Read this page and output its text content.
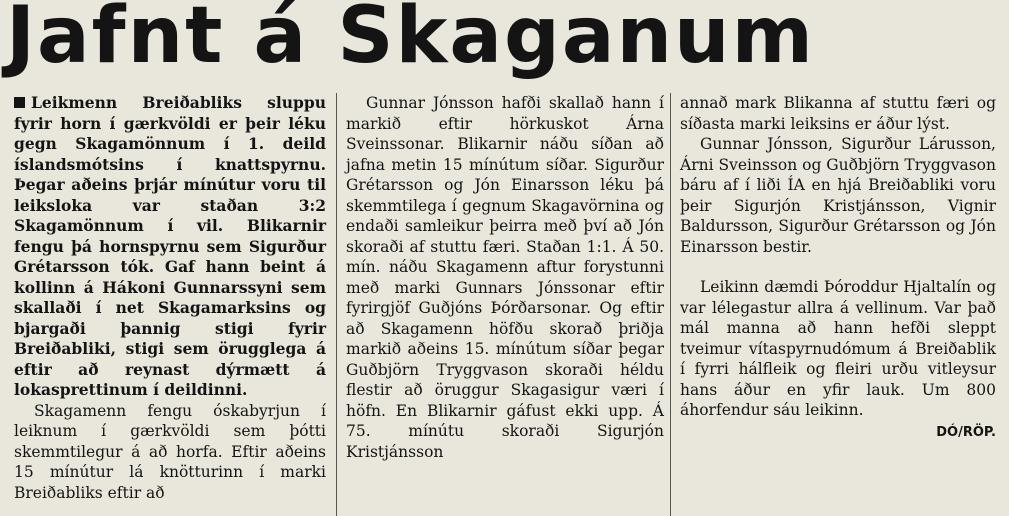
Jafnt á Skaganum

Leikmenn Breiðabliks sluppu fyrir horn í gærkvöldi er þeir léku gegn Skagamönnum í 1. deild íslandsmótsins í knattspyrnu. Þegar aðeins þrjár mínútur voru til leiksloka var staðan 3:2 Skagamönnum í vil. Blikarnir fengu þá hornspyrnu sem Sigurður Grétarsson tók. Gaf hann beint á kollinn á Hákoni Gunnarssyni sem skallaði í net Skagamarksins og bjargaði þannig stigi fyrir Breiðabliki, stigi sem örugglega á eftir að reynast dýrmætt á lokasprettinum í deildinni.

Skagamenn fengu óskabyrjun í leiknum í gærkvöldi sem þótti skemmtilegur á að horfa. Eftir aðeins 15 mínútur lá knötturinn í marki Breiðabliks eftir að

Gunnar Jónsson hafði skallað hann í markið eftir hörkuskot Árna Sveinssonar. Blikarnir náðu síðan að jafna metin 15 mínútum síðar. Sigurður Grétarsson og Jón Einarsson léku þá skemmtilega í gegnum Skagavörnina og endaði samleikur þeirra með því að Jón skoraði af stuttu færi. Staðan 1:1. Á 50. mín. náðu Skagamenn aftur forystunni með marki Gunnars Jónssonar eftir fyrirgjöf Guðjóns Þórðarsonar. Og eftir að Skagamenn höfðu skorað þriðja markið aðeins 15. mínútum síðar þegar Guðbjörn Tryggvason skoraði héldu flestir að öruggur Skagasigur væri í höfn. En Blikarnir gáfust ekki upp. Á 75. mínútu skoraði Sigurjón Kristjánsson

annað mark Blikanna af stuttu færi og síðasta marki leiksins er áður lýst.

Gunnar Jónsson, Sigurður Lárusson, Árni Sveinsson og Guðbjörn Tryggvason báru af í liði ÍA en hjá Breiðabliki voru þeir Sigurjón Kristjánsson, Vignir Baldursson, Sigurður Grétarsson og Jón Einarsson bestir.

Leikinn dæmdi Þóroddur Hjaltalín og var lélegastur allra á vellinum. Var það mál manna að hann hefði sleppt tveimur vítaspyrnudómum á Breiðablik í fyrri hálfleik og fleiri urðu vitleysur hans áður en yfir lauk. Um 800 áhorfendur sáu leikinn.

DÓ/RÖP.
